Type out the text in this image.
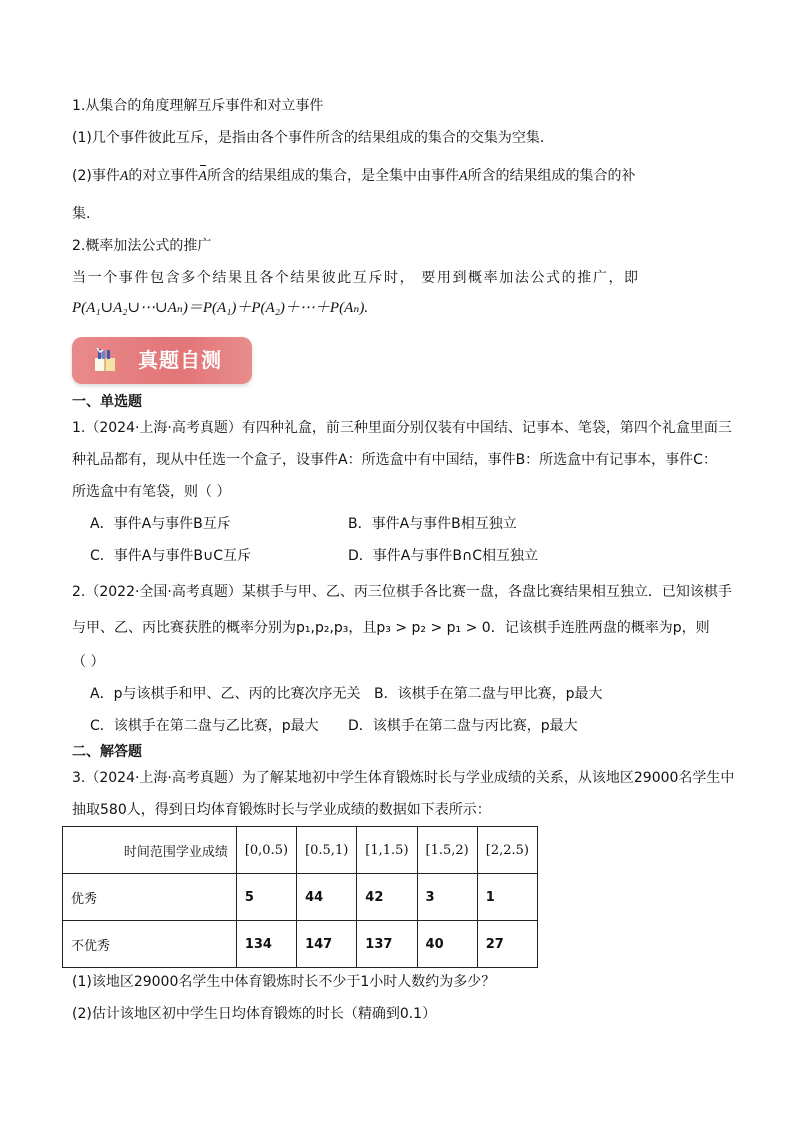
1.从集合的角度理解互斥事件和对立事件
(1)几个事件彼此互斥，是指由各个事件所含的结果组成的集合的交集为空集.
(2)事件A的对立事件A所含的结果组成的集合，是全集中由事件A所含的结果组成的集合的补
集.
2.概率加法公式的推广
当一个事件包含多个结果且各个结果彼此互斥时， 要用到概率加法公式的推广，即
P(A₁∪A₂∪⋯∪Aₙ)＝P(A₁)＋P(A₂)＋⋯＋P(Aₙ).
真题自测
一、单选题
1.（2024·上海·高考真题）有四种礼盒，前三种里面分别仅装有中国结、记事本、笔袋，第四个礼盒里面三
种礼品都有，现从中任选一个盒子，设事件A：所选盒中有中国结，事件B：所选盒中有记事本，事件C：
所选盒中有笔袋，则（ ）
A．事件A与事件B互斥	B．事件A与事件B相互独立
C．事件A与事件B∪C互斥	D．事件A与事件B∩C相互独立
2.（2022·全国·高考真题）某棋手与甲、乙、丙三位棋手各比赛一盘，各盘比赛结果相互独立．已知该棋手
与甲、乙、丙比赛获胜的概率分别为p₁,p₂,p₃，且p₃ > p₂ > p₁ > 0．记该棋手连胜两盘的概率为p，则
（ ）
A．p与该棋手和甲、乙、丙的比赛次序无关 B．该棋手在第二盘与甲比赛，p最大
C．该棋手在第二盘与乙比赛，p最大 D．该棋手在第二盘与丙比赛，p最大
二、解答题
3.（2024·上海·高考真题）为了解某地初中学生体育锻炼时长与学业成绩的关系，从该地区29000名学生中
抽取580人，得到日均体育锻炼时长与学业成绩的数据如下表所示：
时间范围学业成绩	[0,0.5)	[0.5,1)	[1,1.5)	[1.5,2)	[2,2.5)
优秀	5	44	42	3	1
不优秀	134	147	137	40	27
(1)该地区29000名学生中体育锻炼时长不少于1小时人数约为多少？
(2)估计该地区初中学生日均体育锻炼的时长（精确到0.1）
